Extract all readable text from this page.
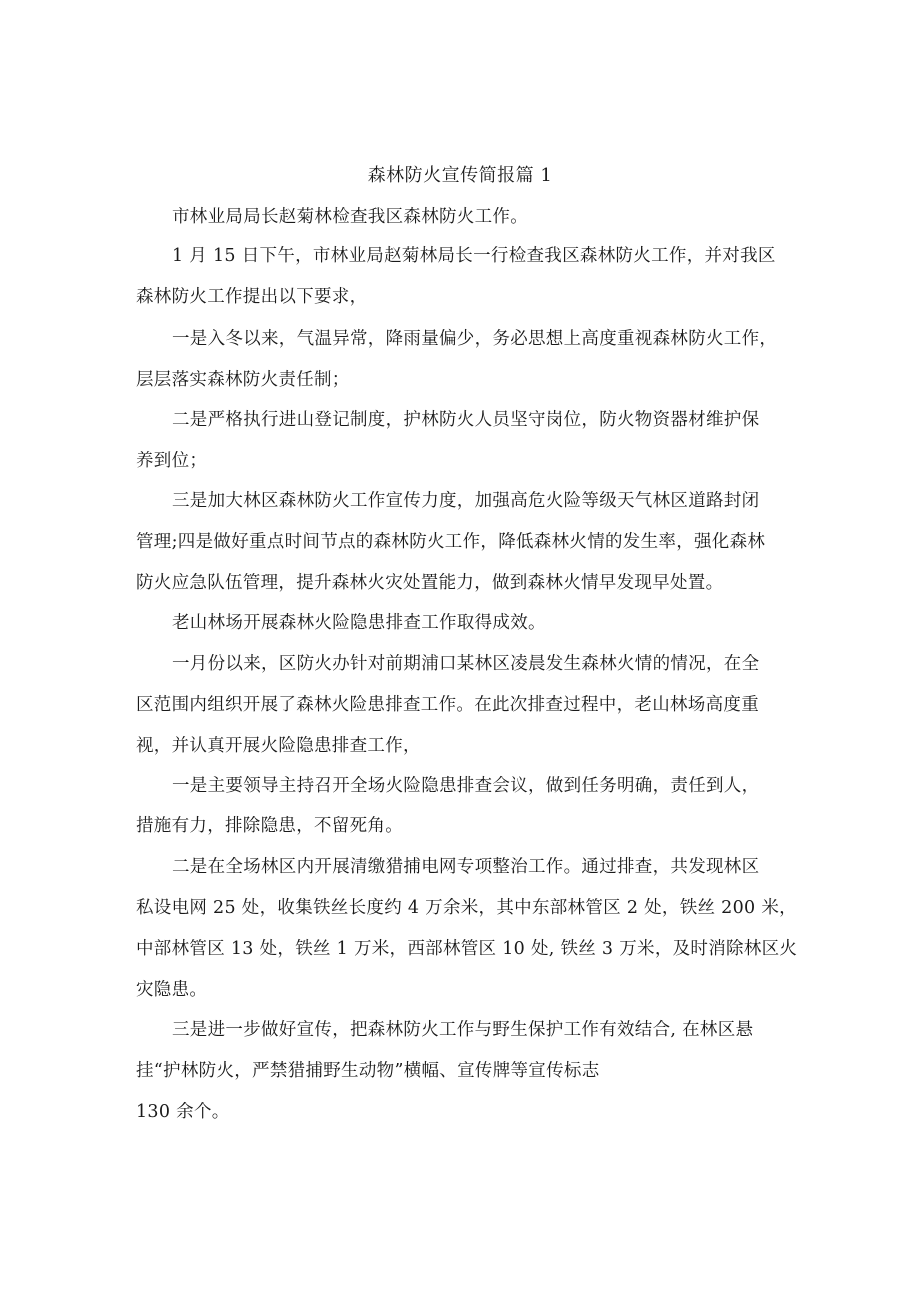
森林防火宣传简报篇 1
市林业局局长赵菊林检查我区森林防火工作。
1 月 15 日下午，市林业局赵菊林局长一行检查我区森林防火工作，并对我区
森林防火工作提出以下要求，
一是入冬以来，气温异常，降雨量偏少，务必思想上高度重视森林防火工作，
层层落实森林防火责任制；
二是严格执行进山登记制度，护林防火人员坚守岗位，防火物资器材维护保
养到位；
三是加大林区森林防火工作宣传力度，加强高危火险等级天气林区道路封闭
管理;四是做好重点时间节点的森林防火工作，降低森林火情的发生率，强化森林
防火应急队伍管理，提升森林火灾处置能力，做到森林火情早发现早处置。
老山林场开展森林火险隐患排查工作取得成效。
一月份以来，区防火办针对前期浦口某林区凌晨发生森林火情的情况，在全
区范围内组织开展了森林火险患排查工作。在此次排查过程中，老山林场高度重
视，并认真开展火险隐患排查工作，
一是主要领导主持召开全场火险隐患排查会议，做到任务明确，责任到人，
措施有力，排除隐患，不留死角。
二是在全场林区内开展清缴猎捕电网专项整治工作。通过排查，共发现林区
私设电网 25 处，收集铁丝长度约 4 万余米，其中东部林管区 2 处，铁丝 200 米，
中部林管区 13 处，铁丝 1 万米，西部林管区 10 处, 铁丝 3 万米，及时消除林区火
灾隐患。
三是进一步做好宣传，把森林防火工作与野生保护工作有效结合, 在林区悬
挂“护林防火，严禁猎捕野生动物”横幅、宣传牌等宣传标志
130 余个。
